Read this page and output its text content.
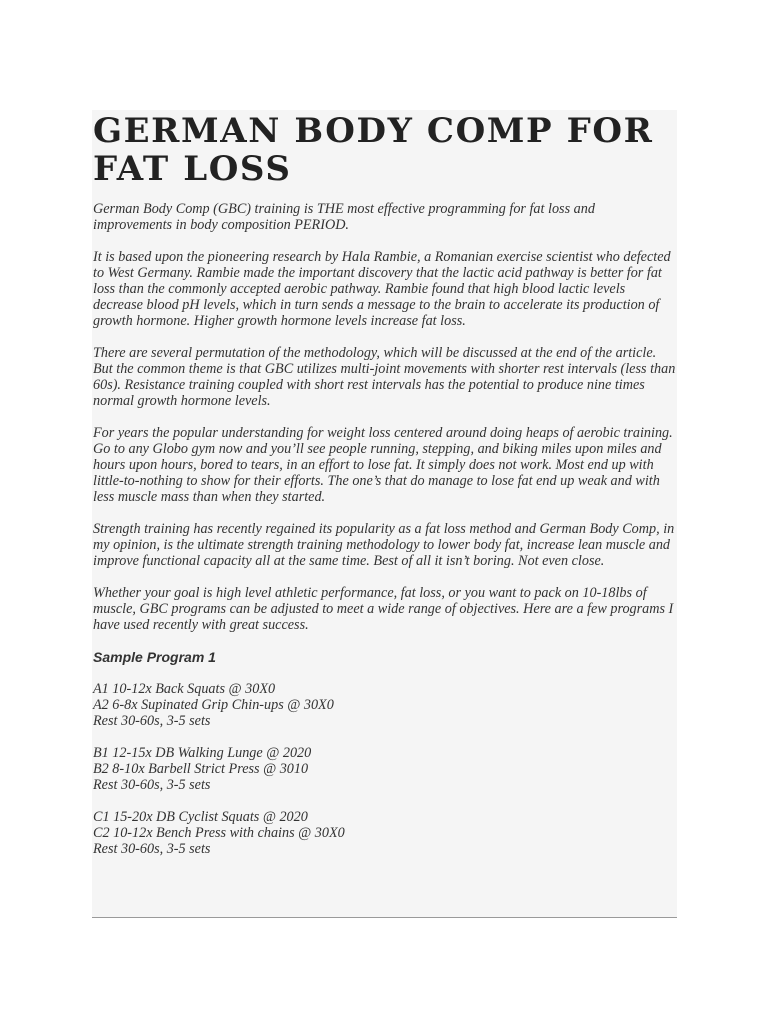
GERMAN BODY COMP FOR FAT LOSS

German Body Comp (GBC) training is THE most effective programming for fat loss and improvements in body composition PERIOD.

It is based upon the pioneering research by Hala Rambie, a Romanian exercise scientist who defected to West Germany. Rambie made the important discovery that the lactic acid pathway is better for fat loss than the commonly accepted aerobic pathway. Rambie found that high blood lactic levels decrease blood pH levels, which in turn sends a message to the brain to accelerate its production of growth hormone. Higher growth hormone levels increase fat loss.

There are several permutation of the methodology, which will be discussed at the end of the article. But the common theme is that GBC utilizes multi-joint movements with shorter rest intervals (less than 60s). Resistance training coupled with short rest intervals has the potential to produce nine times normal growth hormone levels.

For years the popular understanding for weight loss centered around doing heaps of aerobic training. Go to any Globo gym now and you’ll see people running, stepping, and biking miles upon miles and hours upon hours, bored to tears, in an effort to lose fat. It simply does not work. Most end up with little-to-nothing to show for their efforts. The one’s that do manage to lose fat end up weak and with less muscle mass than when they started.

Strength training has recently regained its popularity as a fat loss method and German Body Comp, in my opinion, is the ultimate strength training methodology to lower body fat, increase lean muscle and improve functional capacity all at the same time. Best of all it isn’t boring. Not even close.

Whether your goal is high level athletic performance, fat loss, or you want to pack on 10-18lbs of muscle, GBC programs can be adjusted to meet a wide range of objectives. Here are a few programs I have used recently with great success.

Sample Program 1

A1 10-12x Back Squats @ 30X0
A2 6-8x Supinated Grip Chin-ups @ 30X0
Rest 30-60s, 3-5 sets
B1 12-15x DB Walking Lunge @ 2020
B2 8-10x Barbell Strict Press @ 3010
Rest 30-60s, 3-5 sets
C1 15-20x DB Cyclist Squats @ 2020
C2 10-12x Bench Press with chains @ 30X0
Rest 30-60s, 3-5 sets
